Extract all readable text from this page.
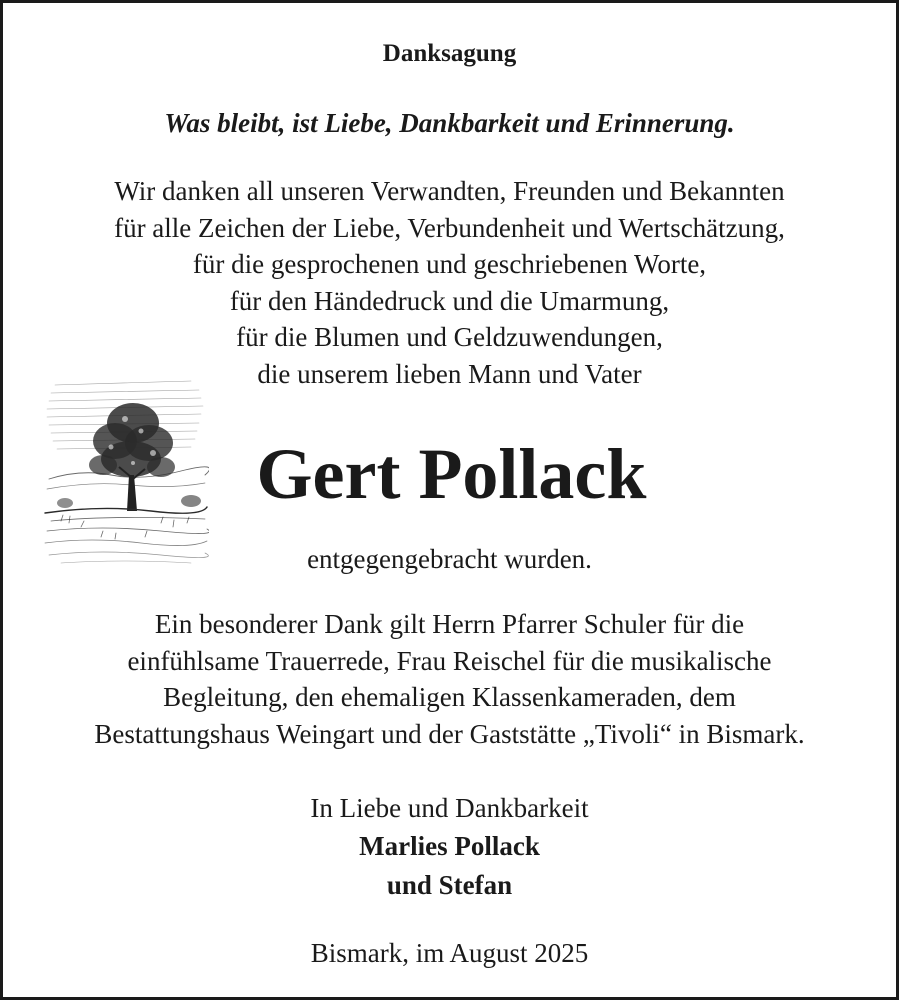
Danksagung
Was bleibt, ist Liebe, Dankbarkeit und Erinnerung.
Wir danken all unseren Verwandten, Freunden und Bekannten
für alle Zeichen der Liebe, Verbundenheit und Wertschätzung,
für die gesprochenen und geschriebenen Worte,
für den Händedruck und die Umarmung,
für die Blumen und Geldzuwendungen,
die unserem lieben Mann und Vater
Gert Pollack
entgegengebracht wurden.
Ein besonderer Dank gilt Herrn Pfarrer Schuler für die
einfühlsame Trauerrede, Frau Reischel für die musikalische
Begleitung, den ehemaligen Klassenkameraden, dem
Bestattungshaus Weingart und der Gaststätte „Tivoli“ in Bismark.
In Liebe und Dankbarkeit
Marlies Pollack
und Stefan
Bismark, im August 2025
